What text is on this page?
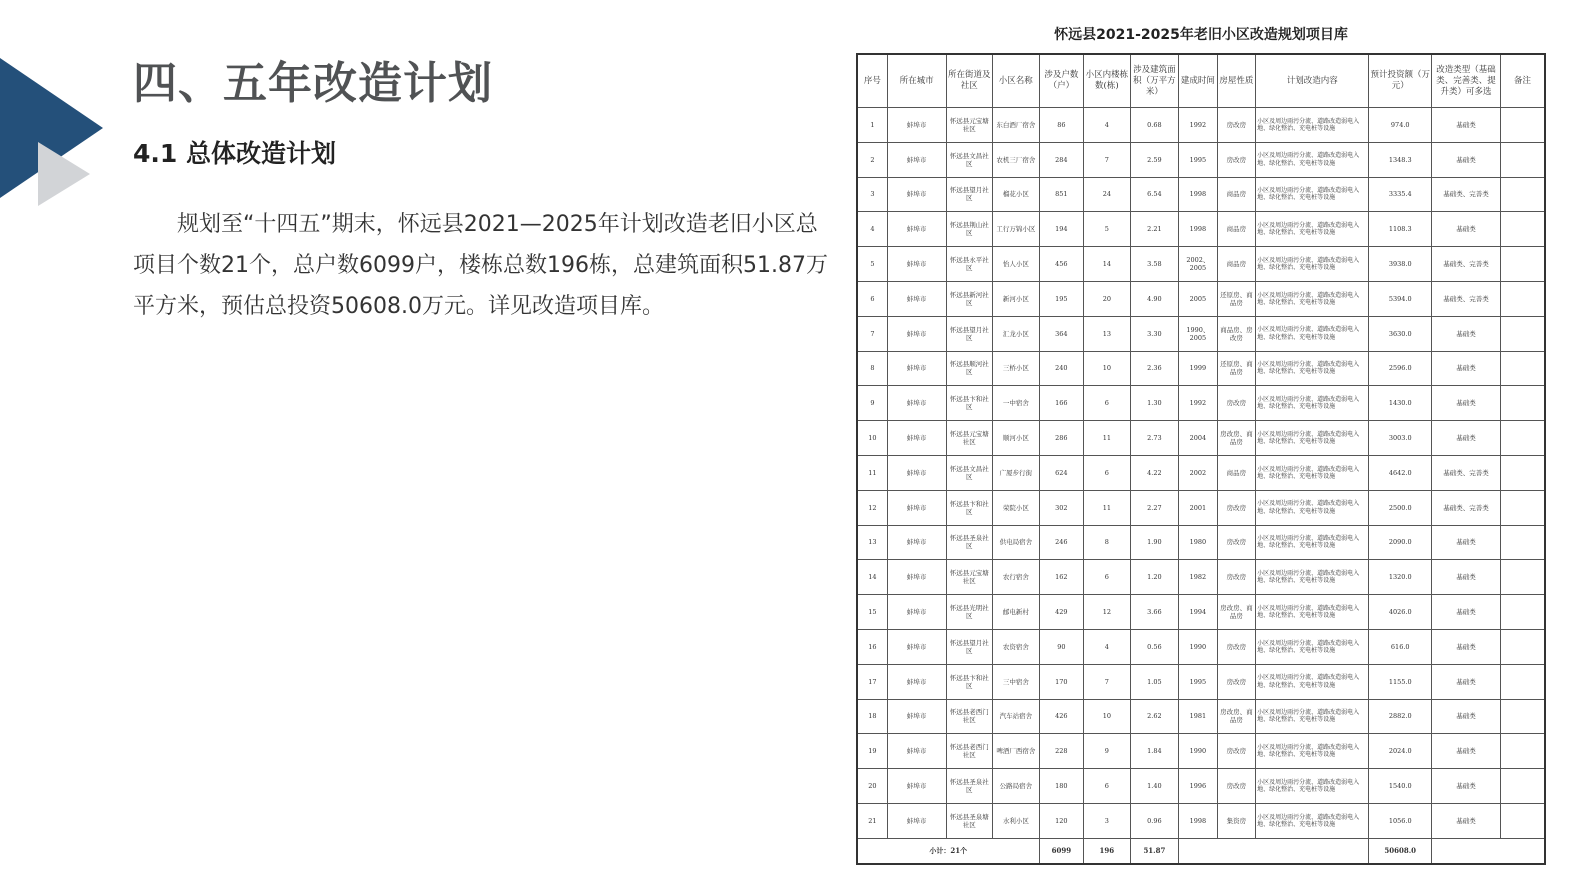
四、五年改造计划
4.1 总体改造计划

规划至“十四五”期末，怀远县2021—2025年计划改造老旧小区总项目个数21个，总户数6099户，楼栋总数196栋，总建筑面积51.87万平方米，预估总投资50608.0万元。详见改造项目库。

怀远县2021-2025年老旧小区改造规划项目库
序号	所在城市	所在街道及社区	小区名称	涉及户数（户）	小区内楼栋数(栋)	涉及建筑面积（万平方米）	建成时间	房屋性质	计划改造内容	预计投资额（万元）	改造类型（基础类、完善类、提升类）可多选	备注
1	蚌埠市	怀远县元宝塘社区	东白酒厂宿舍	86	4	0.68	1992	房改房	小区及周边雨污分流、道路改造弱电入地、绿化整治、充电桩等设施	974.0	基础类	
2	蚌埠市	怀远县文昌社区	农机三厂宿舍	284	7	2.59	1995	房改房	小区及周边雨污分流、道路改造弱电入地、绿化整治、充电桩等设施	1348.3	基础类	
3	蚌埠市	怀远县望月社区	榴花小区	851	24	6.54	1998	商品房	小区及周边雨污分流、道路改造弱电入地、绿化整治、充电桩等设施	3335.4	基础类、完善类	
4	蚌埠市	怀远县荆山社区	工行万锦小区	194	5	2.21	1998	商品房	小区及周边雨污分流、道路改造弱电入地、绿化整治、充电桩等设施	1108.3	基础类	
5	蚌埠市	怀远县永平社区	怡人小区	456	14	3.58	2002、2005	商品房	小区及周边雨污分流、道路改造弱电入地、绿化整治、充电桩等设施	3938.0	基础类、完善类	
6	蚌埠市	怀远县新河社区	新河小区	195	20	4.90	2005	还原房、商品房	小区及周边雨污分流、道路改造弱电入地、绿化整治、充电桩等设施	5394.0	基础类、完善类	
7	蚌埠市	怀远县望月社区	汇龙小区	364	13	3.30	1990、2005	商品房、房改房	小区及周边雨污分流、道路改造弱电入地、绿化整治、充电桩等设施	3630.0	基础类	
8	蚌埠市	怀远县顺河社区	三桥小区	240	10	2.36	1999	还原房、商品房	小区及周边雨污分流、道路改造弱电入地、绿化整治、充电桩等设施	2596.0	基础类	
9	蚌埠市	怀远县卞和社区	一中宿舍	166	6	1.30	1992	房改房	小区及周边雨污分流、道路改造弱电入地、绿化整治、充电桩等设施	1430.0	基础类	
10	蚌埠市	怀远县元宝塘社区	顺河小区	286	11	2.73	2004	房改房、商品房	小区及周边雨污分流、道路改造弱电入地、绿化整治、充电桩等设施	3003.0	基础类	
11	蚌埠市	怀远县文昌社区	广厦步行街	624	6	4.22	2002	商品房	小区及周边雨污分流、道路改造弱电入地、绿化整治、充电桩等设施	4642.0	基础类、完善类	
12	蚌埠市	怀远县卞和社区	荣院小区	302	11	2.27	2001	房改房	小区及周边雨污分流、道路改造弱电入地、绿化整治、充电桩等设施	2500.0	基础类、完善类	
13	蚌埠市	怀远县圣泉社区	供电局宿舍	246	8	1.90	1980	房改房	小区及周边雨污分流、道路改造弱电入地、绿化整治、充电桩等设施	2090.0	基础类	
14	蚌埠市	怀远县元宝塘社区	农行宿舍	162	6	1.20	1982	房改房	小区及周边雨污分流、道路改造弱电入地、绿化整治、充电桩等设施	1320.0	基础类	
15	蚌埠市	怀远县光明社区	邮电新村	429	12	3.66	1994	房改房、商品房	小区及周边雨污分流、道路改造弱电入地、绿化整治、充电桩等设施	4026.0	基础类	
16	蚌埠市	怀远县望月社区	农资宿舍	90	4	0.56	1990	房改房	小区及周边雨污分流、道路改造弱电入地、绿化整治、充电桩等设施	616.0	基础类	
17	蚌埠市	怀远县卞和社区	三中宿舍	170	7	1.05	1995	房改房	小区及周边雨污分流、道路改造弱电入地、绿化整治、充电桩等设施	1155.0	基础类	
18	蚌埠市	怀远县老西门社区	汽车站宿舍	426	10	2.62	1981	房改房、商品房	小区及周边雨污分流、道路改造弱电入地、绿化整治、充电桩等设施	2882.0	基础类	
19	蚌埠市	怀远县老西门社区	啤酒厂西宿舍	228	9	1.84	1990	房改房	小区及周边雨污分流、道路改造弱电入地、绿化整治、充电桩等设施	2024.0	基础类	
20	蚌埠市	怀远县圣泉社区	公路局宿舍	180	6	1.40	1996	房改房	小区及周边雨污分流、道路改造弱电入地、绿化整治、充电桩等设施	1540.0	基础类	
21	蚌埠市	怀远县圣泉塘社区	水利小区	120	3	0.96	1998	集资房	小区及周边雨污分流、道路改造弱电入地、绿化整治、充电桩等设施	1056.0	基础类	
小计：21个				6099	196	51.87				50608.0		
